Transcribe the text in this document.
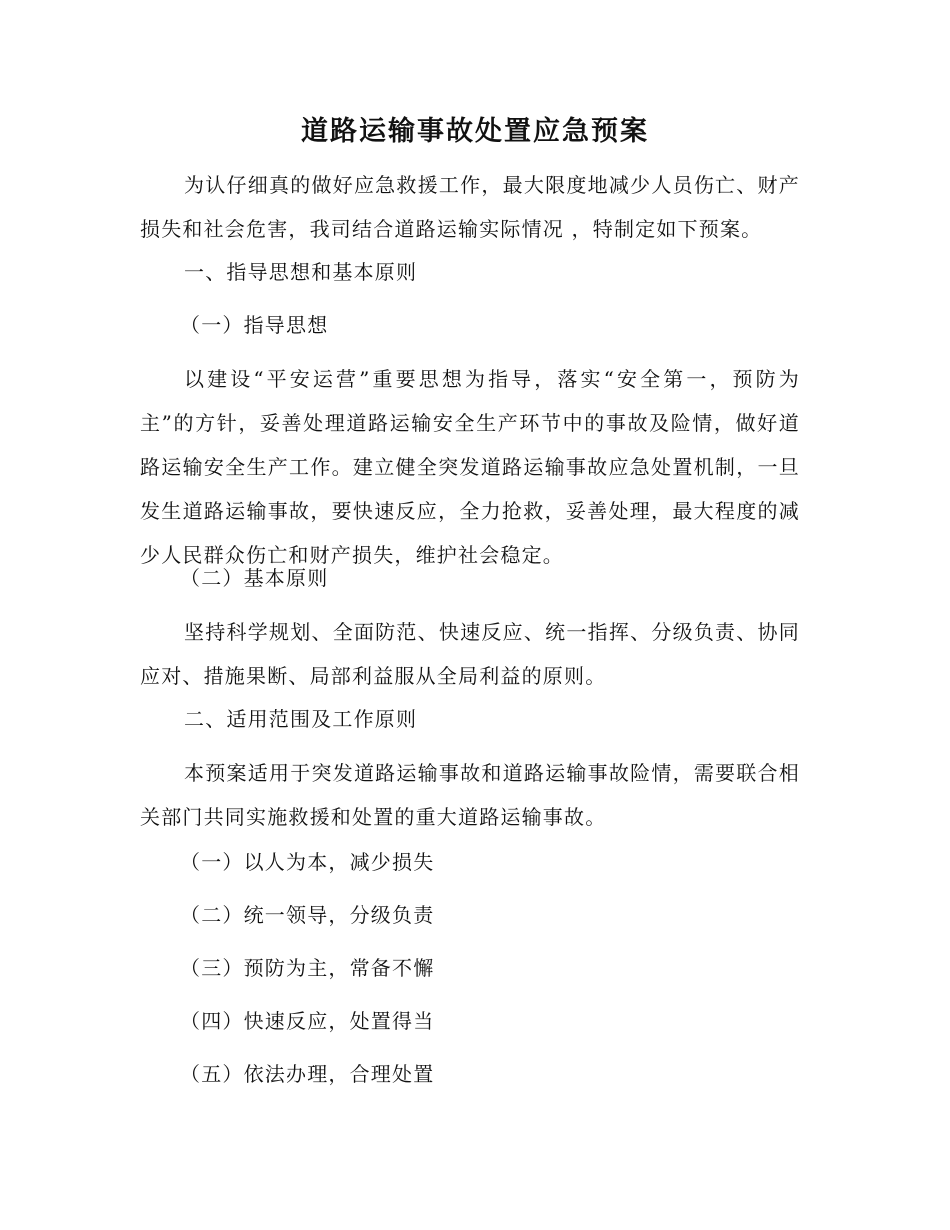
道路运输事故处置应急预案
为认仔细真的做好应急救援工作，最大限度地减少人员伤亡、财产损失和社会危害，我司结合道路运输实际情况 ，特制定如下预案。
一、指导思想和基本原则
（一）指导思想
以建设“平安运营”重要思想为指导，落实“安全第一，预防为主”的方针，妥善处理道路运输安全生产环节中的事故及险情，做好道路运输安全生产工作。建立健全突发道路运输事故应急处置机制，一旦发生道路运输事故，要快速反应，全力抢救，妥善处理，最大程度的减少人民群众伤亡和财产损失，维护社会稳定。
（二）基本原则
坚持科学规划、全面防范、快速反应、统一指挥、分级负责、协同应对、措施果断、局部利益服从全局利益的原则。
二、适用范围及工作原则
本预案适用于突发道路运输事故和道路运输事故险情，需要联合相关部门共同实施救援和处置的重大道路运输事故。
（一）以人为本，减少损失
（二）统一领导，分级负责
（三）预防为主，常备不懈
（四）快速反应，处置得当
（五）依法办理，合理处置
